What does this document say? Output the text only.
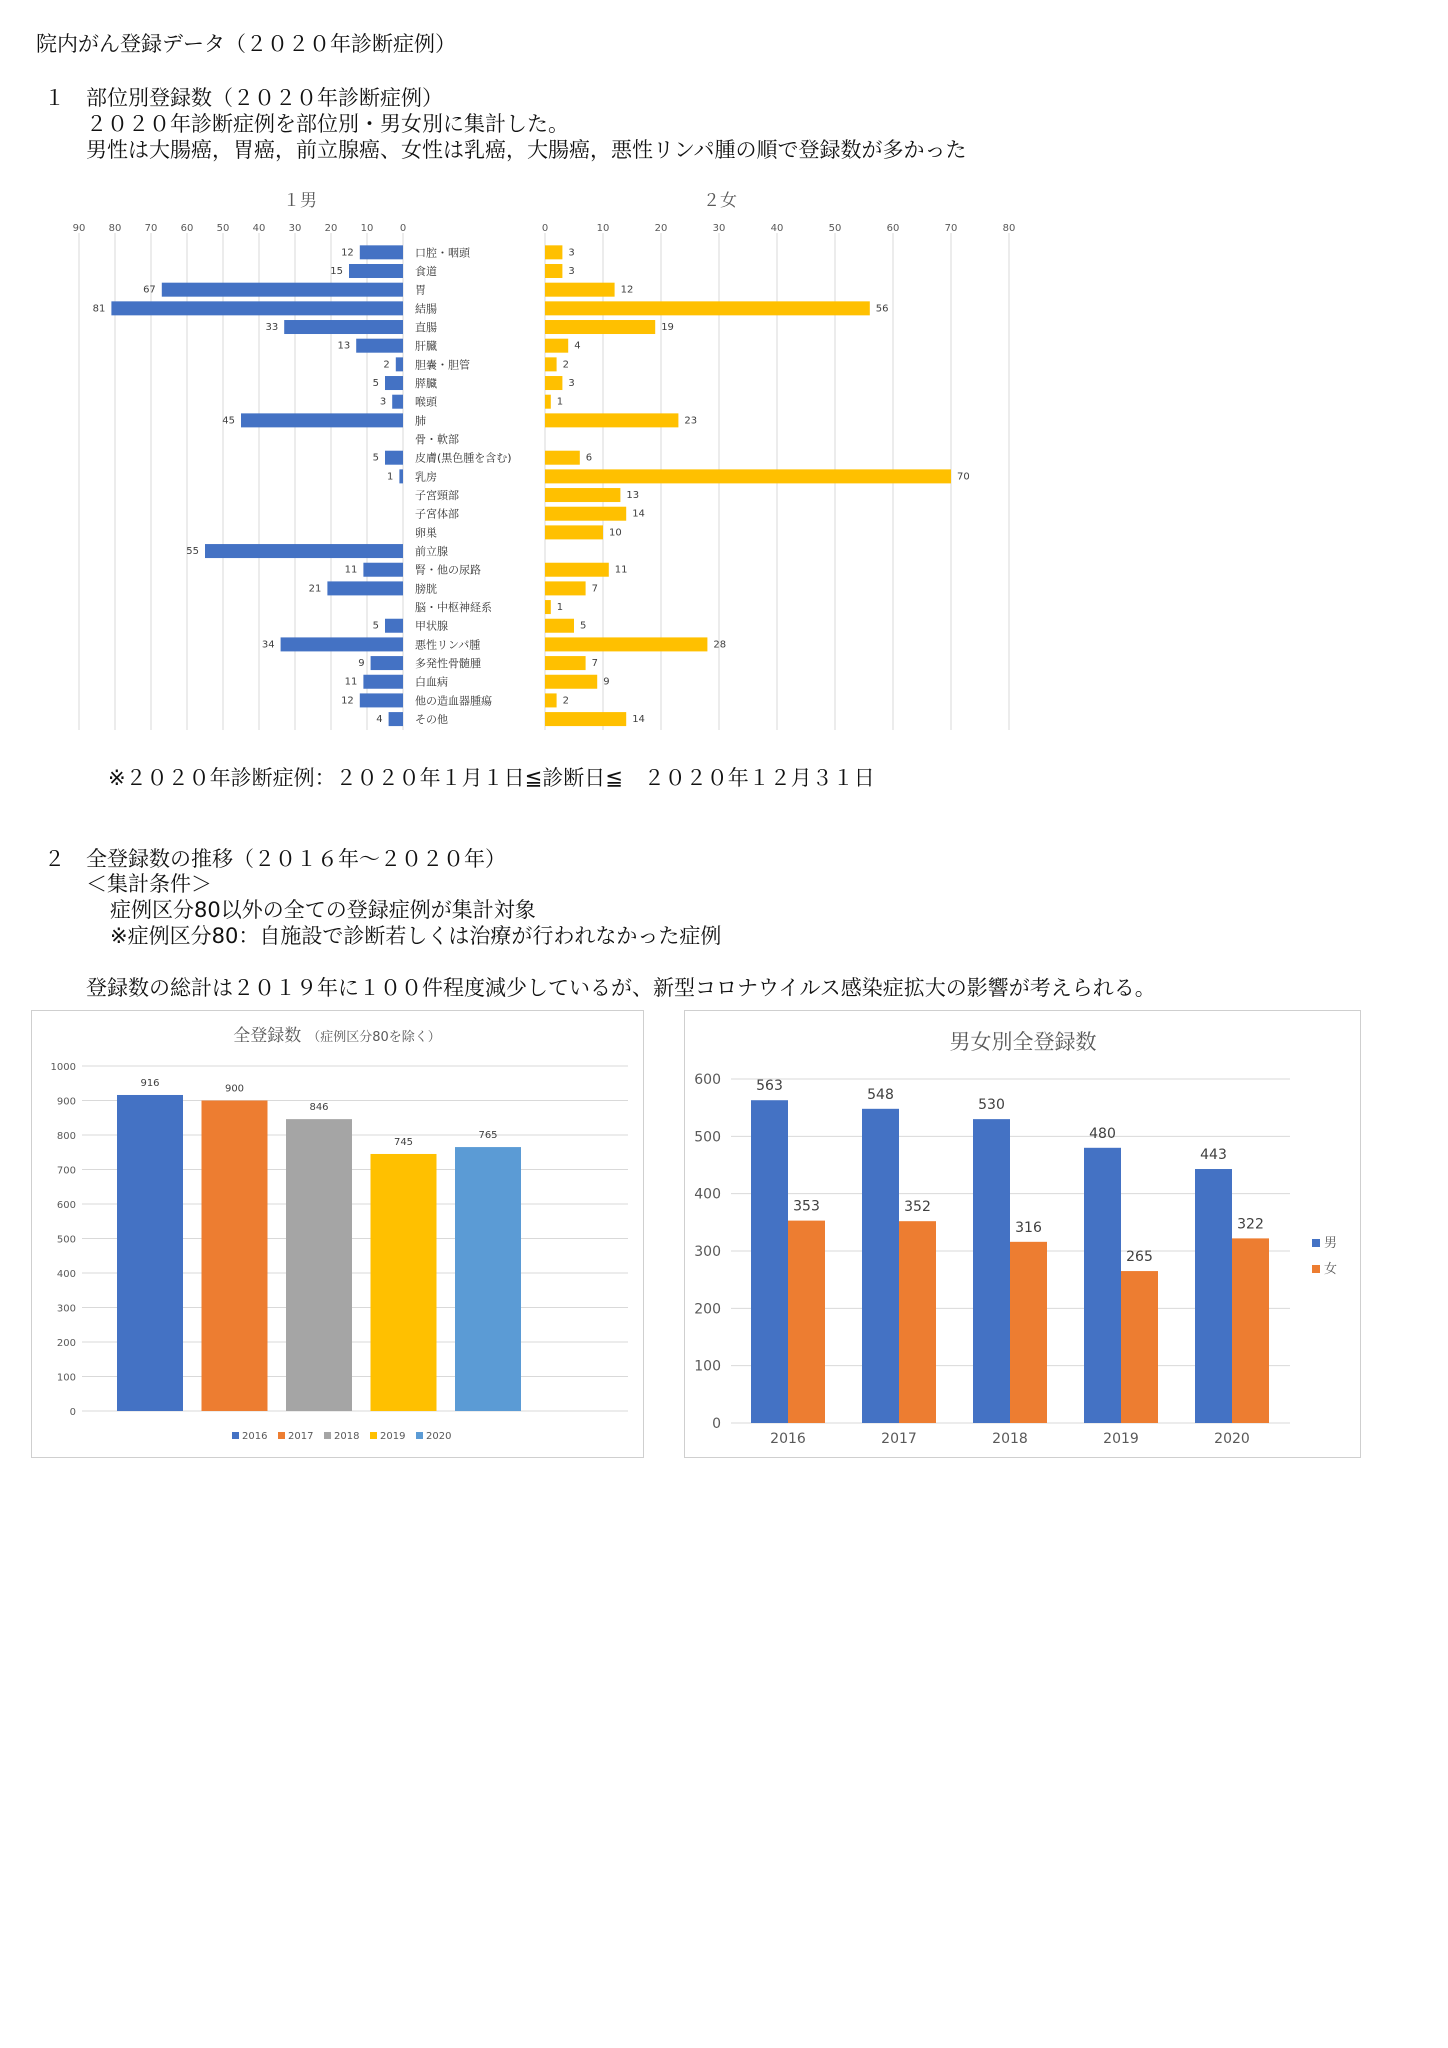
院内がん登録データ（２０２０年診断症例）
１　部位別登録数（２０２０年診断症例）
２０２０年診断症例を部位別・男女別に集計した。
男性は大腸癌，胃癌，前立腺癌、女性は乳癌，大腸癌，悪性リンパ腫の順で登録数が多かった
１男	２女
0
10
20
30
40
50
60
70
80
90	0	10	20	30	40	50	60	70	80
口腔・咽頭
12	3
食道
15	3
胃
67	12
結腸
81	56
直腸
33	19
肝臓
13	4
胆嚢・胆管
2	2
膵臓
5	3
喉頭
3	1
肺
45	23
骨・軟部
皮膚(黒色腫を含む)
5	6
乳房
1	70
子宮頸部	13
子宮体部	14
卵巣	10
前立腺
55
腎・他の尿路
11	11
膀胱
21	7
脳・中枢神経系	1
甲状腺
5	5
悪性リンパ腫
34	28
多発性骨髄腫
9	7
白血病
11	9
他の造血器腫瘍
12	2
その他
4	14
※２０２０年診断症例：２０２０年１月１日≦診断日≦　２０２０年１２月３１日
２　全登録数の推移（２０１６年～２０２０年）
＜集計条件＞
症例区分80以外の全ての登録症例が集計対象
※症例区分80：自施設で診断若しくは治療が行われなかった症例
登録数の総計は２０１９年に１００件程度減少しているが、新型コロナウイルス感染症拡大の影響が考えられる。
全登録数 （症例区分80を除く）
0
100
200
300
400
500
600
700
800
900
1000
916
900
846
745
765
2016 2017 2018 2019 2020
男女別全登録数
0
100
200
300
400
500
600
2016
563
353
2017
548
352
2018
530
316
2019
480
265
2020
443
322
男
女
